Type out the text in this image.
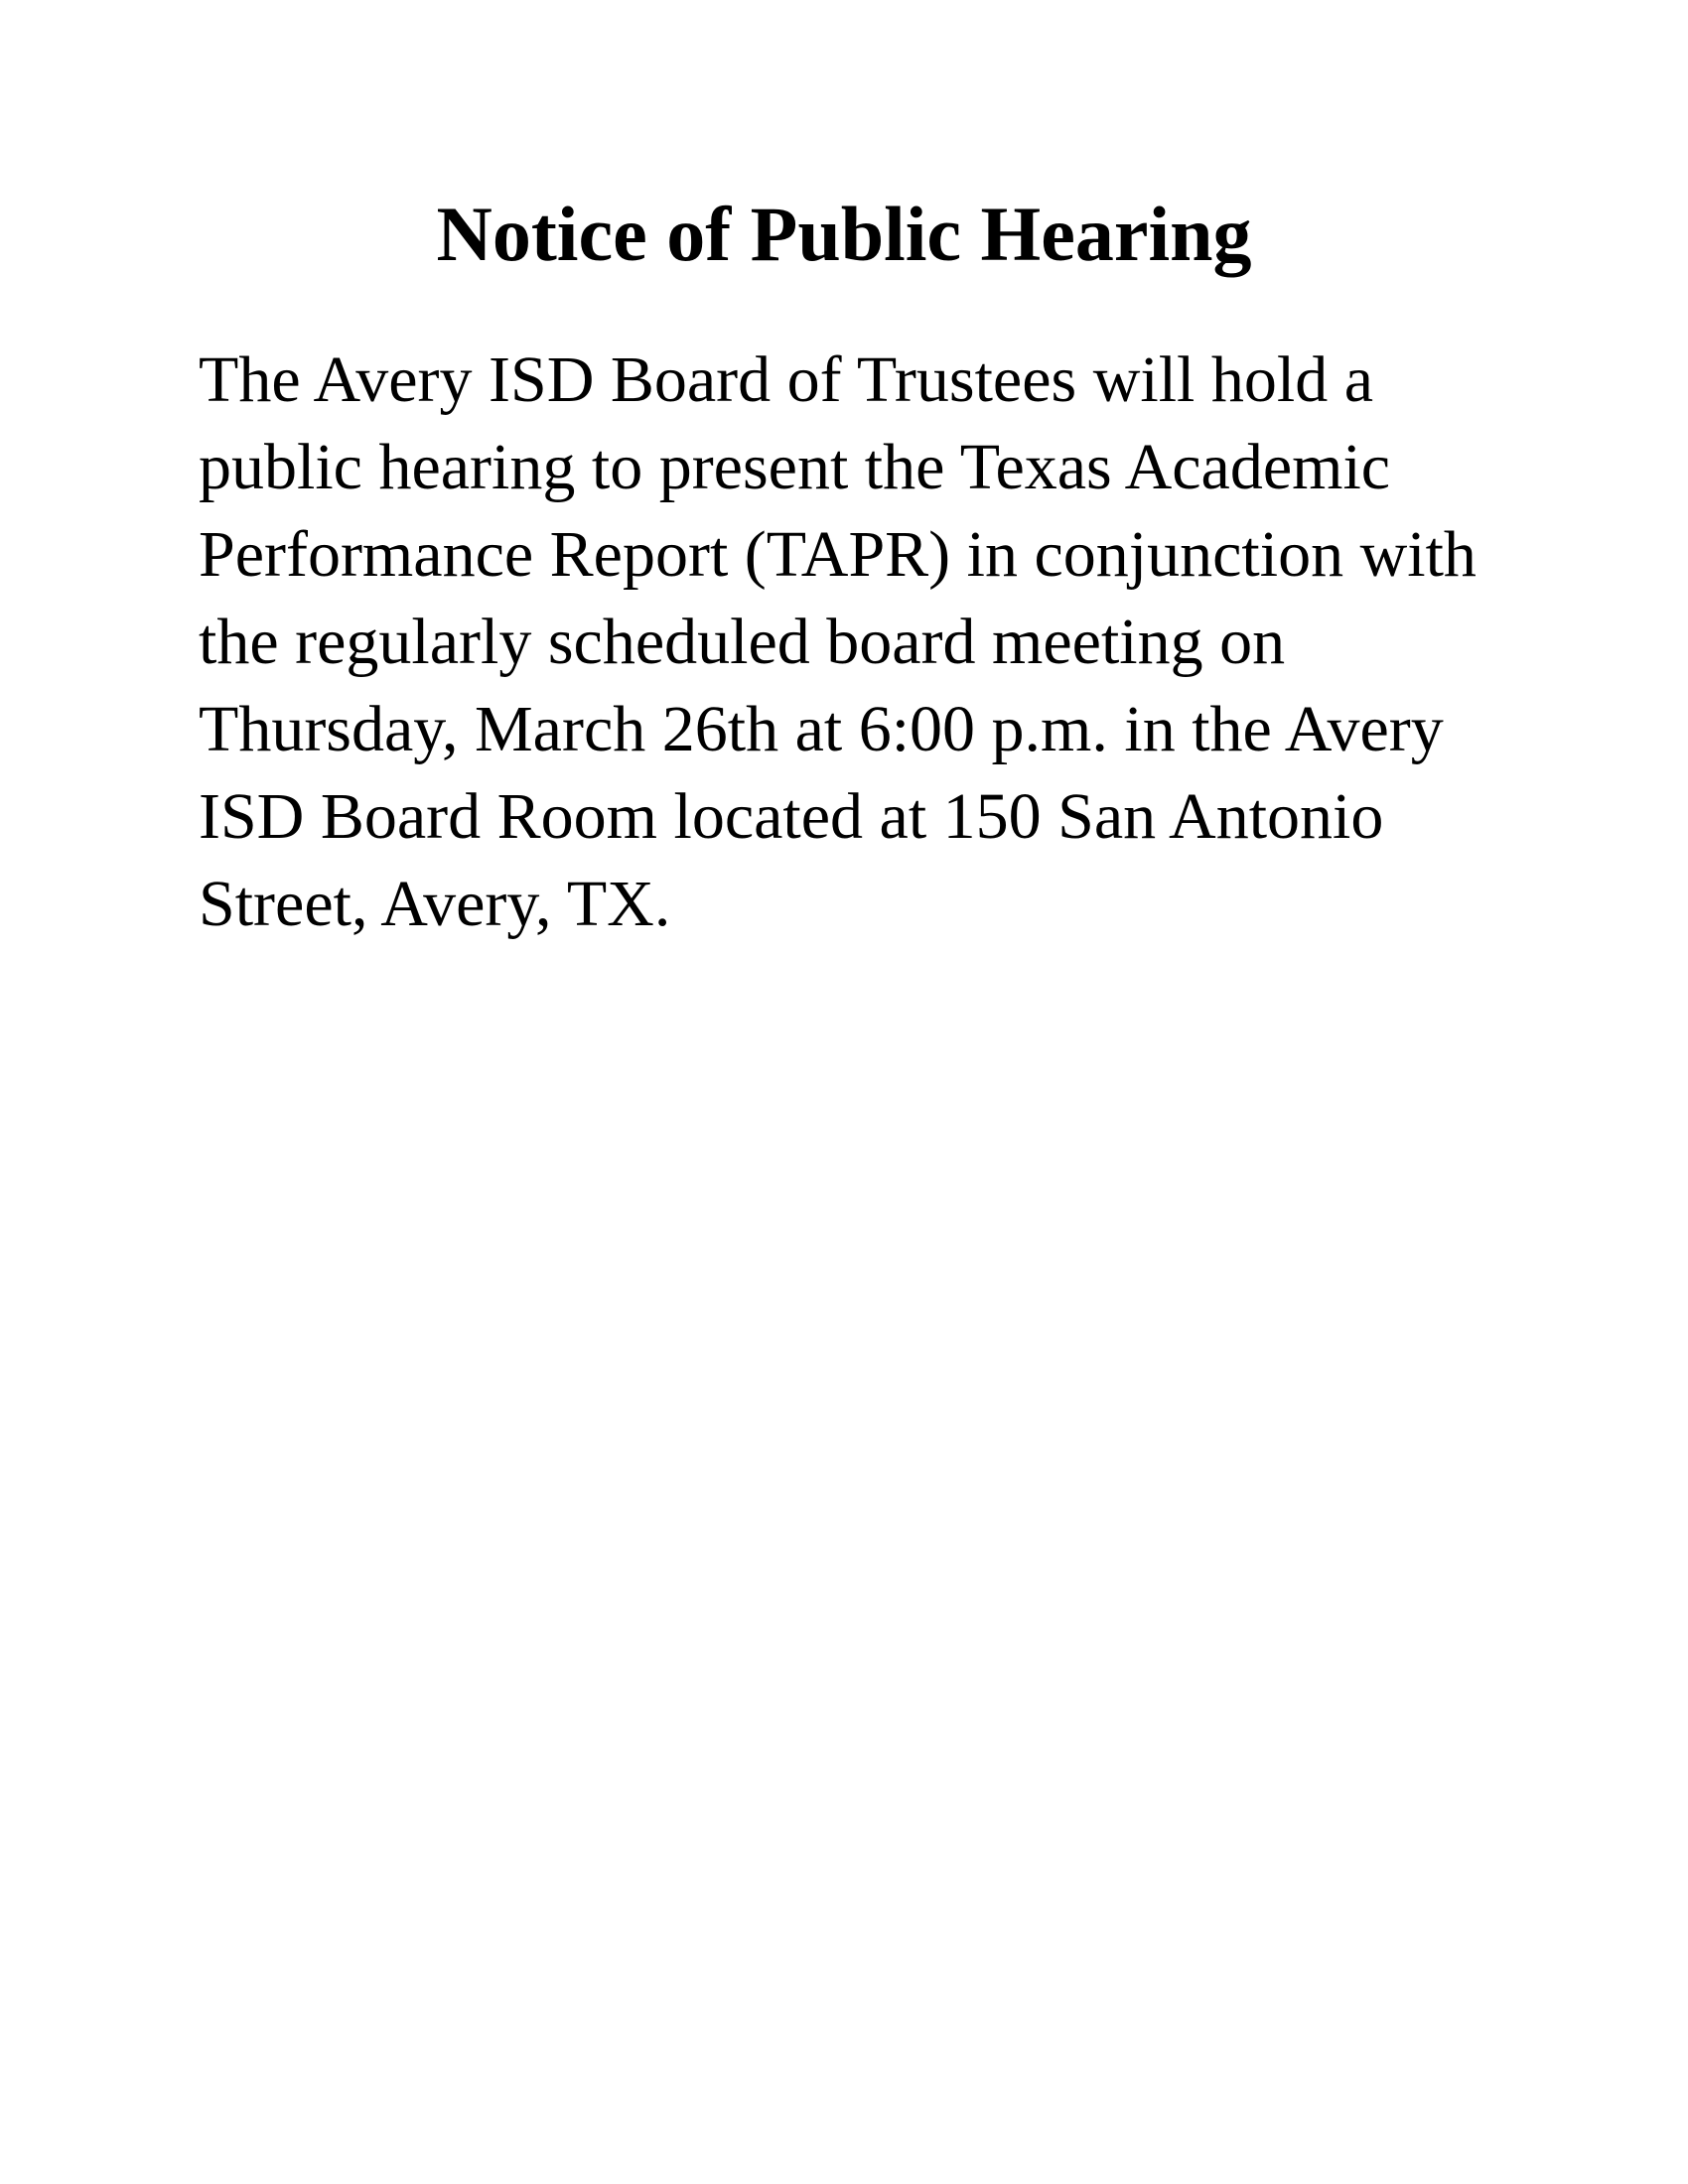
Notice of Public Hearing
The Avery ISD Board of Trustees will hold a
public hearing to present the Texas Academic
Performance Report (TAPR) in conjunction with
the regularly scheduled board meeting on
Thursday, March 26th at 6:00 p.m. in the Avery
ISD Board Room located at 150 San Antonio
Street, Avery, TX.
